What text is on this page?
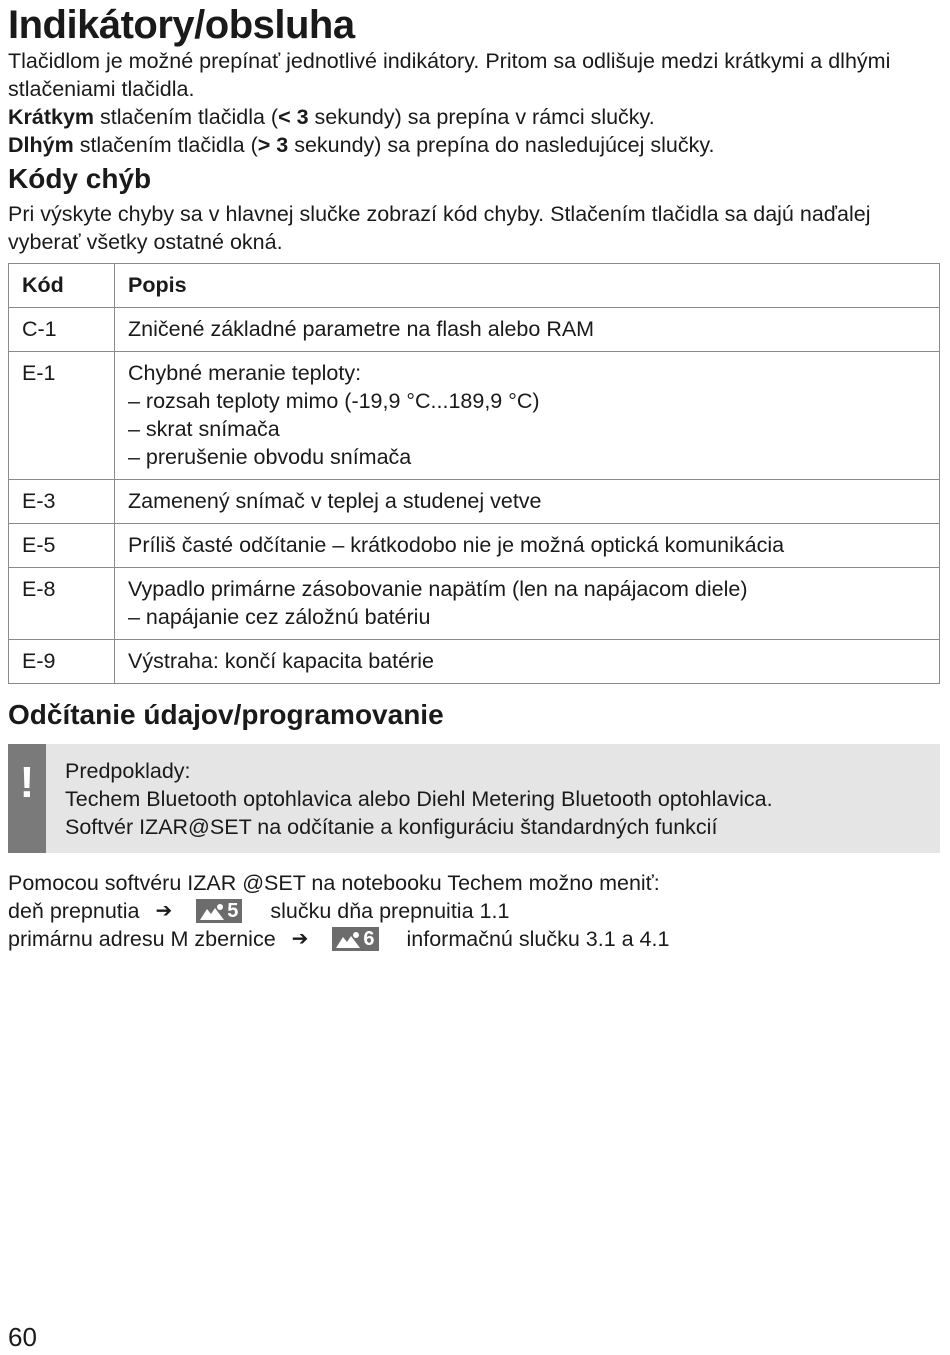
Indikátory/obsluha

Tlačidlom je možné prepínať jednotlivé indikátory. Pritom sa odlišuje medzi krátkymi a dlhými stlačeniami tlačidla.

Krátkym stlačením tlačidla (< 3 sekundy) sa prepína v rámci slučky.

Dlhým stlačením tlačidla (> 3 sekundy) sa prepína do nasledujúcej slučky.

Kódy chýb

Pri výskyte chyby sa v hlavnej slučke zobrazí kód chyby. Stlačením tlačidla sa dajú naďalej vyberať všetky ostatné okná.

Kód	Popis
C-1	Zničené základné parametre na flash alebo RAM
E-1	Chybné meranie teploty:
– rozsah teploty mimo (-19,9 °C...189,9 °C)
– skrat snímača
– prerušenie obvodu snímača
E-3	Zamenený snímač v teplej a studenej vetve
E-5	Príliš časté odčítanie – krátkodobo nie je možná optická komunikácia
E-8	Vypadlo primárne zásobovanie napätím (len na napájacom diele)
– napájanie cez záložnú batériu
E-9	Výstraha: končí kapacita batérie
Odčítanie údajov/programovanie
!	Predpoklady:
Techem Bluetooth optohlavica alebo Diehl Metering Bluetooth optohlavica.
Softvér IZAR@SET na odčítanie a konfiguráciu štandardných funkcií

Pomocou softvéru IZAR @SET na notebooku Techem možno meniť:

deň prepnutia ➔	5 slučku dňa prepnuitia 1.1
primárnu adresu M zbernice ➔	6 informačnú slučku 3.1 a 4.1
60
